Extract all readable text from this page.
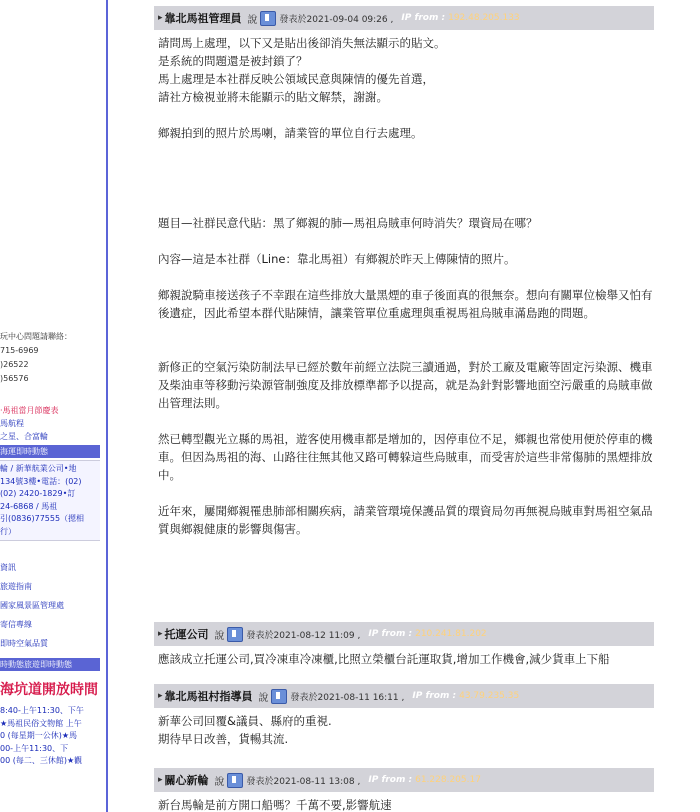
玩中心問題請聯絡：
715-6969
)26522
)56576
·馬祖當月節慶表
馬航程
之星、合富輪
海運即時動態
輪 / 新華航業公司•地
134號3樓•電話：(02)
(02) 2420-1829•訂
24-6868 / 馬祖
引(0836)77555（摁相
行）
資訊
旅遊指南
國家風景區管理處
寄信專線
即時空氣品質
時動態旅遊即時動態
海坑道開放時間
8:40-上午11:30、下午
★馬祖民俗文物館 上午
0 (每星期一公休)★馬
00-上午11:30、下
00 (每二、三休館)★觀
▸ 靠北馬祖管理員 說 發表於2021-09-04 09:26 , IP from : 192.48.205.133

請問馬上處理，以下又是貼出後卻消失無法顯示的貼文。

是系統的問題還是被封鎖了？

馬上處理是本社群反映公領域民意與陳情的優先首選，

請社方檢視並將未能顯示的貼文解禁，謝謝。

鄉親拍到的照片於馬喇，請業管的單位自行去處理。

題目—社群民意代貼：黑了鄉親的肺—馬祖烏賊車何時消失？環資局在哪？

內容—這是本社群（Line：靠北馬祖）有鄉親於昨天上傳陳情的照片。

鄉親說騎車接送孩子不幸跟在這些排放大量黑煙的車子後面真的很無奈。想向有關單位檢舉又怕有後遺症，因此希望本群代貼陳情，讓業管單位重處理與重視馬祖烏賊車滿島跑的問題。

新修正的空氣污染防制法早已經於數年前經立法院三讀通過，對於工廠及電廠等固定污染源、機車及柴油車等移動污染源管制強度及排放標準都予以提高，就是為針對影響地面空污嚴重的烏賊車做出管理法則。

然已轉型觀光立縣的馬祖，遊客使用機車都是增加的，因停車位不足，鄉親也常使用便於停車的機車。但因為馬祖的海、山路往往無其他又路可轉躲這些烏賊車，而受害於這些非常傷肺的黑煙排放中。

近年來，屢聞鄉親罹患肺部相關疾病，請業管環境保護品質的環資局勿再無視烏賊車對馬祖空氣品質與鄉親健康的影響與傷害。

▸ 托運公司 說 發表於2021-08-12 11:09 , IP from : 210.241.81.202

應該成立托運公司,買冷凍車冷凍櫃,比照立榮櫃台託運取貨,增加工作機會,減少貨車上下船

▸ 靠北馬祖村指導員 說 發表於2021-08-11 16:11 , IP from : 43.79.235.35

新華公司回覆&議員、縣府的重視.

期待早日改善，貨暢其流.

▸ 關心新輪 說 發表於2021-08-11 13:08 , IP from : 61.228.205.17

新台馬輪是前方開口船嗎？千萬不要,影響航速
